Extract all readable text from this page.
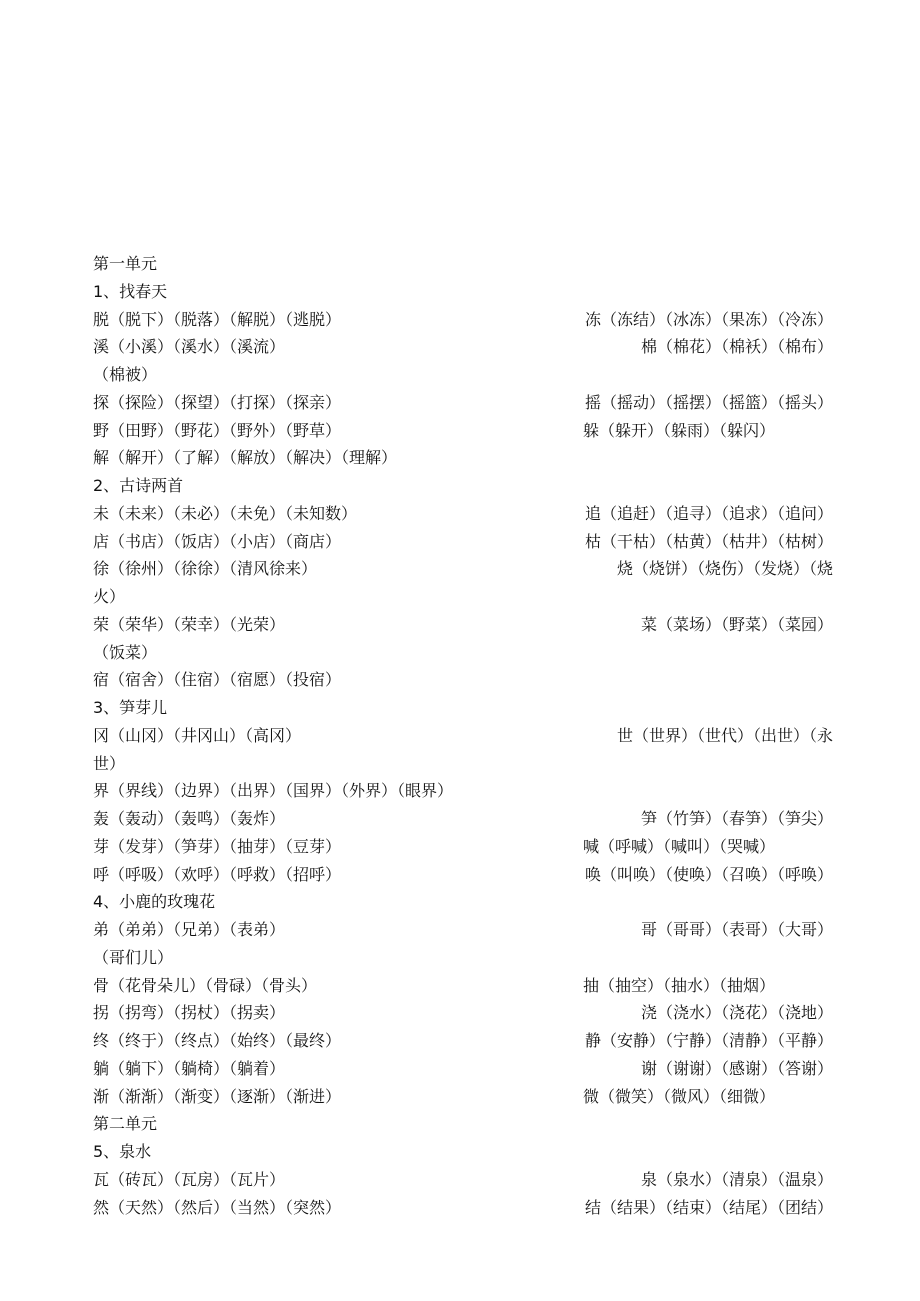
第一单元
1、找春天
脱（脱下）（脱落）（解脱）（逃脱）	冻（冻结）（冰冻）（果冻）（冷冻）
溪（小溪）（溪水）（溪流）	棉（棉花）（棉袄）（棉布）
（棉被）
探（探险）（探望）（打探）（探亲）	摇（摇动）（摇摆）（摇篮）（摇头）
野（田野）（野花）（野外）（野草）	躲（躲开）（躲雨）（躲闪）
解（解开）（了解）（解放）（解决）（理解）
2、古诗两首
未（未来）（未必）（未免）（未知数）	追（追赶）（追寻）（追求）（追问）
店（书店）（饭店）（小店）（商店）	枯（干枯）（枯黄）（枯井）（枯树）
徐（徐州）（徐徐）（清风徐来）	烧（烧饼）（烧伤）（发烧）（烧
火）
荣（荣华）（荣幸）（光荣）	菜（菜场）（野菜）（菜园）
（饭菜）
宿（宿舍）（住宿）（宿愿）（投宿）
3、笋芽儿
冈（山冈）（井冈山）（高冈）	世（世界）（世代）（出世）（永
世）
界（界线）（边界）（出界）（国界）（外界）（眼界）
轰（轰动）（轰鸣）（轰炸）	笋（竹笋）（春笋）（笋尖）
芽（发芽）（笋芽）（抽芽）（豆芽）	喊（呼喊）（喊叫）（哭喊）
呼（呼吸）（欢呼）（呼救）（招呼）	唤（叫唤）（使唤）（召唤）（呼唤）
4、小鹿的玫瑰花
弟（弟弟）（兄弟）（表弟）	哥（哥哥）（表哥）（大哥）
（哥们儿）
骨（花骨朵儿）（骨碌）（骨头）	抽（抽空）（抽水）（抽烟）
拐（拐弯）（拐杖）（拐卖）	浇（浇水）（浇花）（浇地）
终（终于）（终点）（始终）（最终）	静（安静）（宁静）（清静）（平静）
躺（躺下）（躺椅）（躺着）	谢（谢谢）（感谢）（答谢）
渐（渐渐）（渐变）（逐渐）（渐进）	微（微笑）（微风）（细微）
第二单元
5、泉水
瓦（砖瓦）（瓦房）（瓦片）	泉（泉水）（清泉）（温泉）
然（天然）（然后）（当然）（突然）	结（结果）（结束）（结尾）（团结）
